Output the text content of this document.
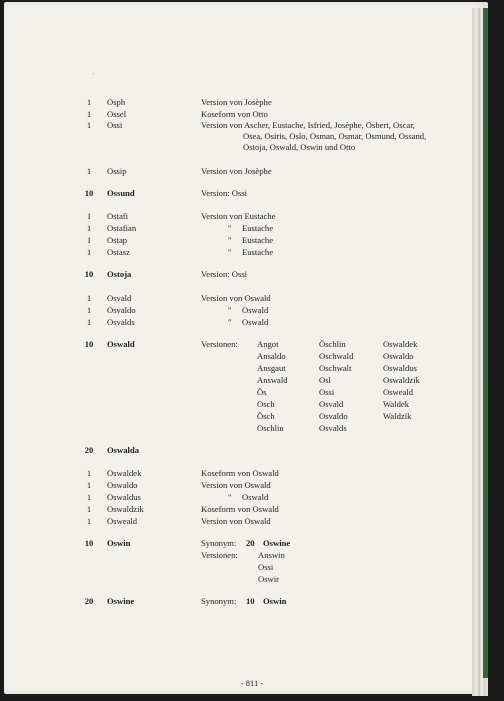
'
1	Osph	Version von Josèphe
1	Ossel	Koseform von Otto
1	Ossi	Version von Ascher, Eustache, Isfried, Josèphe, Osbert, Oscar,
Osea, Osiris, Oslo, Osman, Osmar, Osmund, Ossand,
Ostoja, Oswald, Oswin und Otto
1	Ossip	Version von Josèphe
10	Ossund	Version: Ossi
1	Ostafi	Version von Eustache
1	Ostafian	" Eustache
1	Ostap	" Eustache
1	Ostasz	" Eustache
10	Ostoja	Version: Ossi
1	Osvald	Version von Oswald
1	Osvaldo	" Oswald
1	Osvalds	" Oswald
10	Oswald	Versionen: Angot	Öschlin	Oswaldek
Ansaldo	Oschwald	Oswaldo
Ansgaut	Oschwalt	Oswaldus
Answald	Osl	Oswaldzik
Ös	Ossi	Osweald
Osch	Osvald	Waldek
Ösch	Osvaldo	Waldzik
Oschlin	Osvalds
20	Oswalda
1	Oswaldek	Koseform von Oswald
1	Oswaldo	Version von Oswald
1	Oswaldus	" Oswald
1	Oswaldzik	Koseform von Oswald
1	Osweald	Version von Oswald
10	Oswin	Synonym: 20 Oswine
Versionen: Answin
Ossi
Oswir
20	Oswine	Synonym: 10 Oswin
- 811 -
